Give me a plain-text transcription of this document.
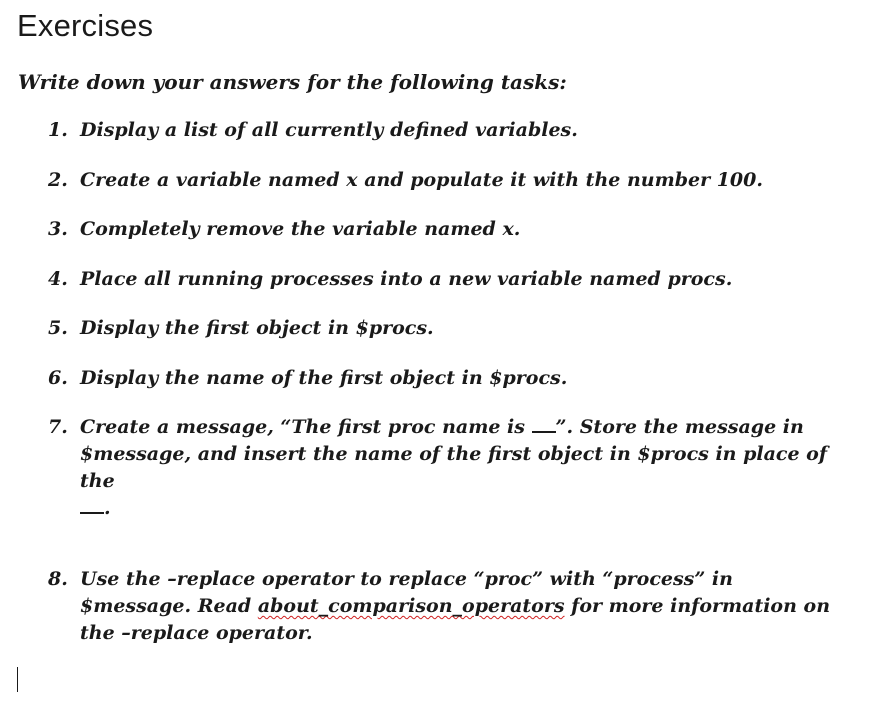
Exercises

Write down your answers for the following tasks:

1. Display a list of all currently defined variables.
2. Create a variable named x and populate it with the number 100.
3. Completely remove the variable named x.
4. Place all running processes into a new variable named procs.
5. Display the first object in $procs.
6. Display the name of the first object in $procs.
7. Create a message, “The first proc name is ”. Store the message in $message, and insert the name of the first object in $procs in place of the
.
8. Use the –replace operator to replace “proc” with “process” in $message. Read about_comparison_operators for more information on the –replace operator.
